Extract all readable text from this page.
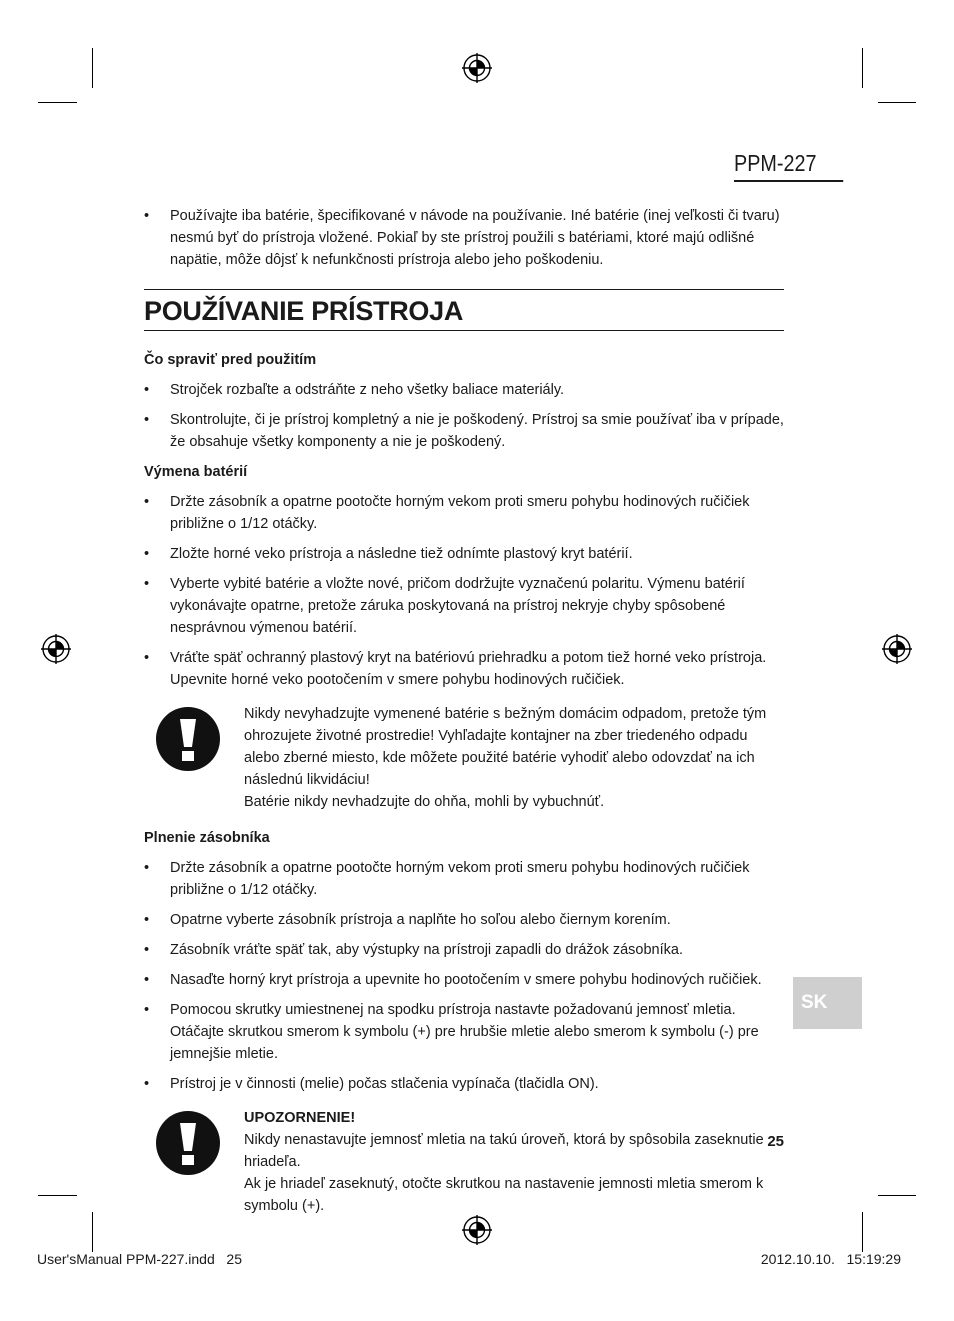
PPM-227
• Používajte iba batérie, špecifikované v návode na používanie. Iné batérie (inej veľkosti či tvaru) nesmú byť do prístroja vložené. Pokiaľ by ste prístroj použili s batériami, ktoré majú odlišné napätie, môže dôjsť k nefunkčnosti prístroja alebo jeho poškodeniu.
POUŽÍVANIE PRÍSTROJA
Čo spraviť pred použitím
• Strojček rozbaľte a odstráňte z neho všetky baliace materiály.
• Skontrolujte, či je prístroj kompletný a nie je poškodený. Prístroj sa smie používať iba v prípade, že obsahuje všetky komponenty a nie je poškodený.
Výmena batérií
• Držte zásobník a opatrne pootočte horným vekom proti smeru pohybu hodinových ručičiek približne o 1/12 otáčky.
• Zložte horné veko prístroja a následne tiež odnímte plastový kryt batérií.
• Vyberte vybité batérie a vložte nové, pričom dodržujte vyznačenú polaritu. Výmenu batérií vykonávajte opatrne, pretože záruka poskytovaná na prístroj nekryje chyby spôsobené nesprávnou výmenou batérií.
• Vráťte späť ochranný plastový kryt na batériovú priehradku a potom tiež horné veko prístroja. Upevnite horné veko pootočením v smere pohybu hodinových ručičiek.

Nikdy nevyhadzujte vymenené batérie s bežným domácim odpadom, pretože tým ohrozujete životné prostredie! Vyhľadajte kontajner na zber triedeného odpadu alebo zberné miesto, kde môžete použité batérie vyhodiť alebo odovzdať na ich následnú likvidáciu!

Batérie nikdy nevhadzujte do ohňa, mohli by vybuchnúť.

Plnenie zásobníka
• Držte zásobník a opatrne pootočte horným vekom proti smeru pohybu hodinových ručičiek približne o 1/12 otáčky.
• Opatrne vyberte zásobník prístroja a naplňte ho soľou alebo čiernym korením.
• Zásobník vráťte späť tak, aby výstupky na prístroji zapadli do drážok zásobníka.
• Nasaďte horný kryt prístroja a upevnite ho pootočením v smere pohybu hodinových ručičiek.
• Pomocou skrutky umiestnenej na spodku prístroja nastavte požadovanú jemnosť mletia. Otáčajte skrutkou smerom k symbolu (+) pre hrubšie mletie alebo smerom k symbolu (-) pre jemnejšie mletie.
• Prístroj je v činnosti (melie) počas stlačenia vypínača (tlačidla ON).

UPOZORNENIE!

Nikdy nenastavujte jemnosť mletia na takú úroveň, ktorá by spôsobila zaseknutie hriadeľa.

Ak je hriadeľ zaseknutý, otočte skrutkou na nastavenie jemnosti mletia smerom k symbolu (+).

SK
25
User'sManual PPM-227.indd   25	2012.10.10.   15:19:29
